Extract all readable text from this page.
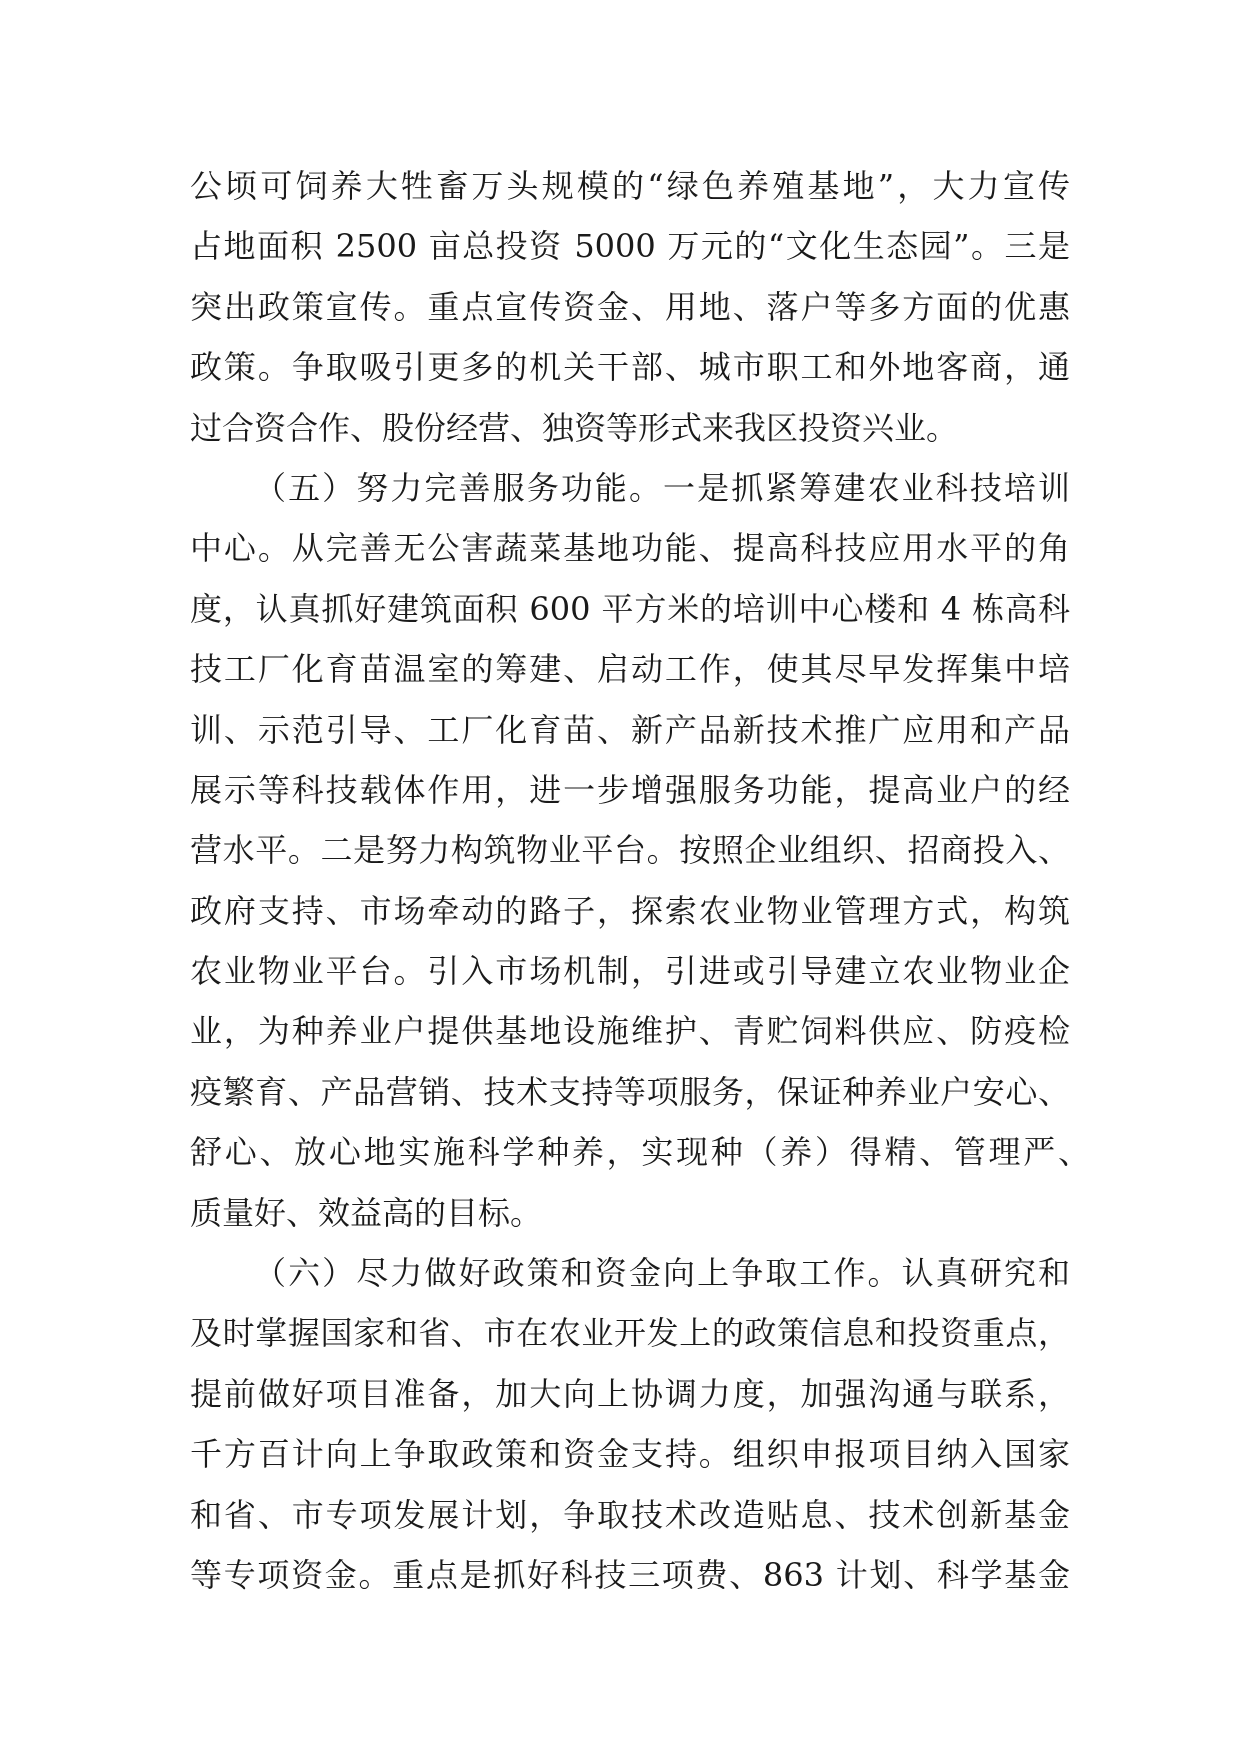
公顷可饲养大牲畜万头规模的“绿色养殖基地”，大力宣传
占地面积 2500 亩总投资 5000 万元的“文化生态园”。三是
突出政策宣传。重点宣传资金、用地、落户等多方面的优惠
政策。争取吸引更多的机关干部、城市职工和外地客商，通
过合资合作、股份经营、独资等形式来我区投资兴业。
（五）努力完善服务功能。一是抓紧筹建农业科技培训
中心。从完善无公害蔬菜基地功能、提高科技应用水平的角
度，认真抓好建筑面积 600 平方米的培训中心楼和 4 栋高科
技工厂化育苗温室的筹建、启动工作，使其尽早发挥集中培
训、示范引导、工厂化育苗、新产品新技术推广应用和产品
展示等科技载体作用，进一步增强服务功能，提高业户的经
营水平。二是努力构筑物业平台。按照企业组织、招商投入、
政府支持、市场牵动的路子，探索农业物业管理方式，构筑
农业物业平台。引入市场机制，引进或引导建立农业物业企
业，为种养业户提供基地设施维护、青贮饲料供应、防疫检
疫繁育、产品营销、技术支持等项服务，保证种养业户安心、
舒心、放心地实施科学种养，实现种（养）得精、管理严、
质量好、效益高的目标。
（六）尽力做好政策和资金向上争取工作。认真研究和
及时掌握国家和省、市在农业开发上的政策信息和投资重点，
提前做好项目准备，加大向上协调力度，加强沟通与联系，
千方百计向上争取政策和资金支持。组织申报项目纳入国家
和省、市专项发展计划，争取技术改造贴息、技术创新基金
等专项资金。重点是抓好科技三项费、863 计划、科学基金
